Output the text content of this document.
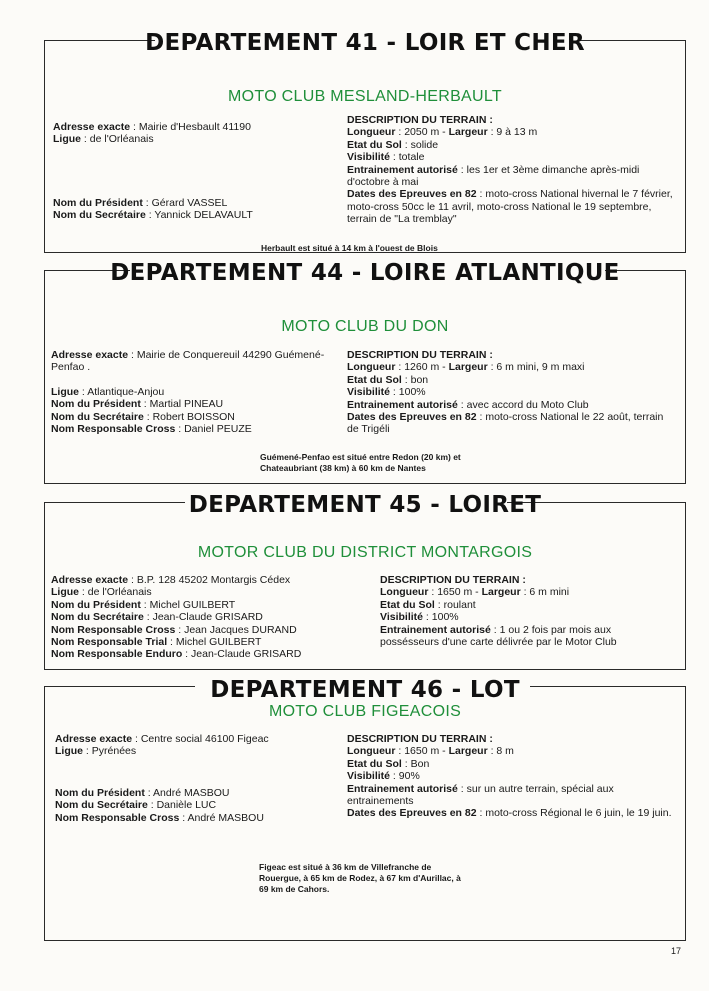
DEPARTEMENT 41 - LOIR ET CHER
MOTO CLUB MESLAND-HERBAULT
Adresse exacte : Mairie d'Hesbault 41190
Ligue : de l'Orléanais
Nom du Président : Gérard VASSEL
Nom du Secrétaire : Yannick DELAVAULT
DESCRIPTION DU TERRAIN :
Longueur : 2050 m - Largeur : 9 à 13 m
Etat du Sol : solide
Visibilité : totale
Entrainement autorisé : les 1er et 3ème dimanche après-midi d'octobre à mai
Dates des Epreuves en 82 : moto-cross National hivernal le 7 février, moto-cross 50cc le 11 avril, moto-cross National le 19 septembre, terrain de "La tremblay"
Herbault est situé à 14 km à l'ouest de Blois
DEPARTEMENT 44 - LOIRE ATLANTIQUE
MOTO CLUB DU DON
Adresse exacte : Mairie de Conquereuil 44290 Guémené-Penfao .
Ligue : Atlantique-Anjou
Nom du Président : Martial PINEAU
Nom du Secrétaire : Robert BOISSON
Nom Responsable Cross : Daniel PEUZE
DESCRIPTION DU TERRAIN :
Longueur : 1260 m - Largeur : 6 m mini, 9 m maxi
Etat du Sol : bon
Visibilité : 100%
Entrainement autorisé : avec accord du Moto Club
Dates des Epreuves en 82 : moto-cross National le 22 août, terrain de Trigéli
Guémené-Penfao est situé entre Redon (20 km) et Chateaubriant (38 km) à 60 km de Nantes
DEPARTEMENT 45 - LOIRET
MOTOR CLUB DU DISTRICT MONTARGOIS
Adresse exacte : B.P. 128 45202 Montargis Cédex
Ligue : de l'Orléanais
Nom du Président : Michel GUILBERT
Nom du Secrétaire : Jean-Claude GRISARD
Nom Responsable Cross : Jean Jacques DURAND
Nom Responsable Trial : Michel GUILBERT
Nom Responsable Enduro : Jean-Claude GRISARD
DESCRIPTION DU TERRAIN :
Longueur : 1650 m - Largeur : 6 m mini
Etat du Sol : roulant
Visibilité : 100%
Entrainement autorisé : 1 ou 2 fois par mois aux possésseurs d'une carte délivrée par le Motor Club
DEPARTEMENT 46 - LOT
MOTO CLUB FIGEACOIS
Adresse exacte : Centre social 46100 Figeac
Ligue : Pyrénées
Nom du Président : André MASBOU
Nom du Secrétaire : Danièle LUC
Nom Responsable Cross : André MASBOU
DESCRIPTION DU TERRAIN :
Longueur : 1650 m - Largeur : 8 m
Etat du Sol : Bon
Visibilité : 90%
Entrainement autorisé : sur un autre terrain, spécial aux entrainements
Dates des Epreuves en 82 : moto-cross Régional le 6 juin, le 19 juin.
Figeac est situé à 36 km de Villefranche de Rouergue, à 65 km de Rodez, à 67 km d'Aurillac, à 69 km de Cahors.
17
